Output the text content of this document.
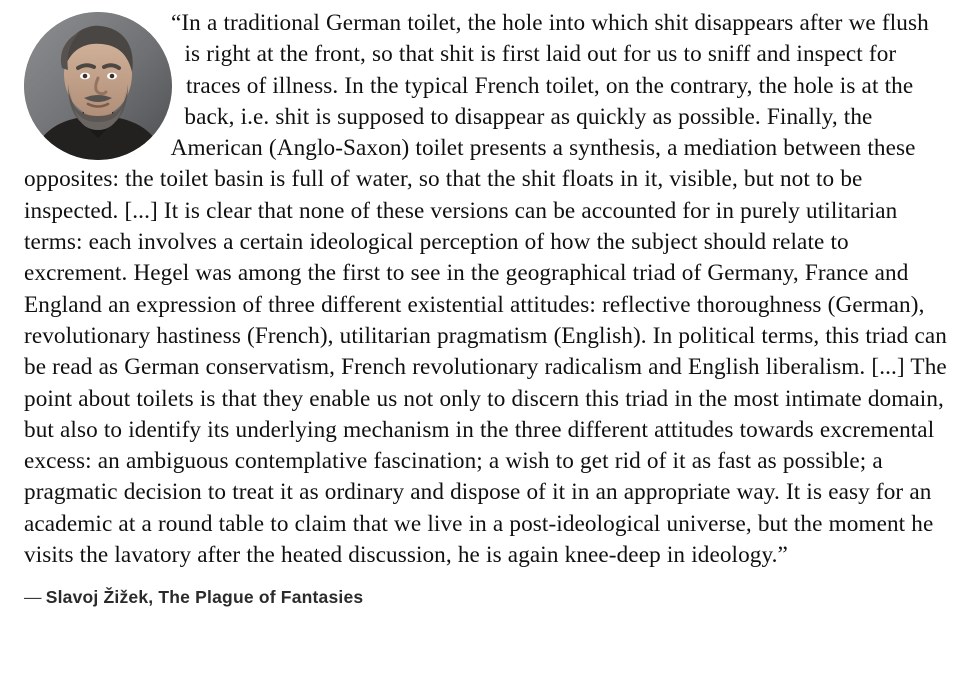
“In a traditional German toilet, the hole into which shit disappears after we flush is right at the front, so that shit is first laid out for us to sniff and inspect for traces of illness. In the typical French toilet, on the contrary, the hole is at the back, i.e. shit is supposed to disappear as quickly as possible. Finally, the American (Anglo-Saxon) toilet presents a synthesis, a mediation between these opposites: the toilet basin is full of water, so that the shit floats in it, visible, but not to be inspected. [...] It is clear that none of these versions can be accounted for in purely utilitarian terms: each involves a certain ideological perception of how the subject should relate to excrement. Hegel was among the first to see in the geographical triad of Germany, France and England an expression of three different existential attitudes: reflective thoroughness (German), revolutionary hastiness (French), utilitarian pragmatism (English). In political terms, this triad can be read as German conservatism, French revolutionary radicalism and English liberalism. [...] The point about toilets is that they enable us not only to discern this triad in the most intimate domain, but also to identify its underlying mechanism in the three different attitudes towards excremental excess: an ambiguous contemplative fascination; a wish to get rid of it as fast as possible; a pragmatic decision to treat it as ordinary and dispose of it in an appropriate way. It is easy for an academic at a round table to claim that we live in a post-ideological universe, but the moment he visits the lavatory after the heated discussion, he is again knee-deep in ideology.”
— Slavoj Žižek, The Plague of Fantasies
